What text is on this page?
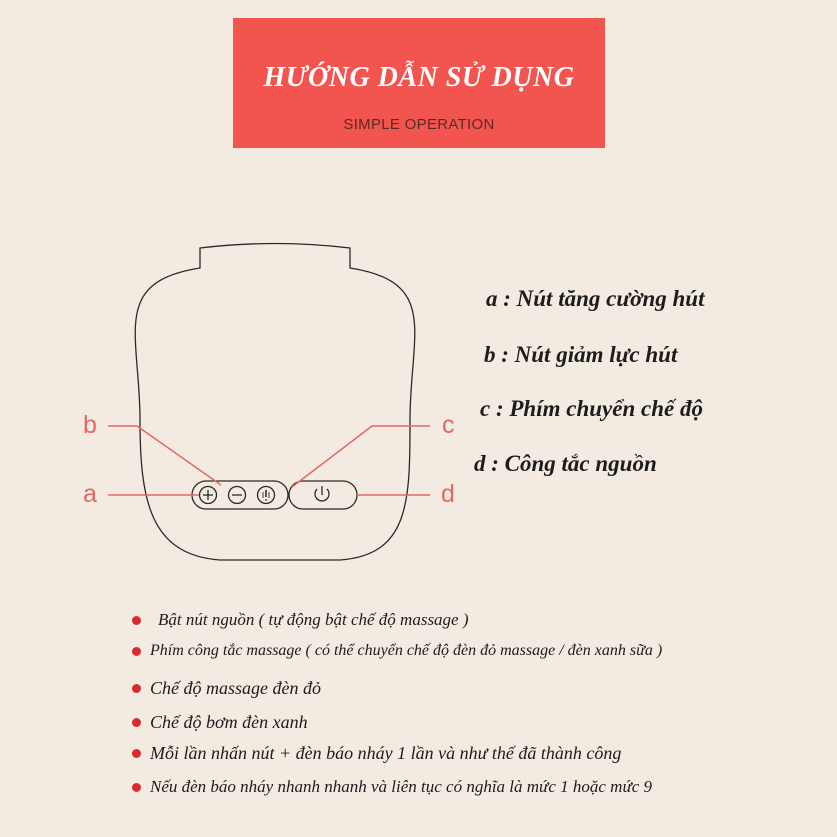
HƯỚNG DẪN SỬ DỤNG
SIMPLE OPERATION
b
a
c
d
a : Nút tăng cường hút
b : Nút giảm lực hút
c : Phím chuyển chế độ
d : Công tắc nguồn
Bật nút nguồn ( tự động bật chế độ massage )
Phím công tắc massage ( có thể chuyển chế độ đèn đỏ massage / đèn xanh sữa )
Chế độ massage đèn đỏ
Chế độ bơm đèn xanh
Mỗi lần nhấn nút + đèn báo nháy 1 lần và như thế đã thành công
Nếu đèn báo nháy nhanh nhanh và liên tục có nghĩa là mức 1 hoặc mức 9
